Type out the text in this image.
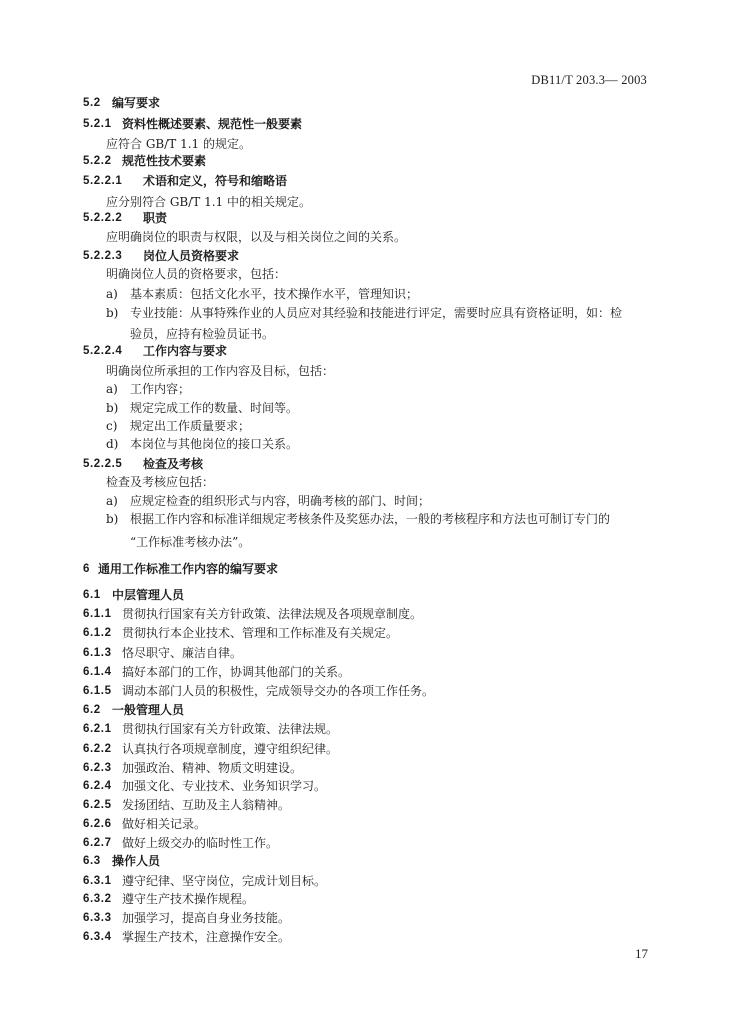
DB11/T 203.3— 2003
5.2 编写要求
5.2.1 资料性概述要素、规范性一般要素
应符合 GB/T 1.1 的规定。
5.2.2 规范性技术要素
5.2.2.1 术语和定义，符号和缩略语
应分别符合 GB/T 1.1 中的相关规定。
5.2.2.2 职责
应明确岗位的职责与权限，以及与相关岗位之间的关系。
5.2.2.3 岗位人员资格要求
明确岗位人员的资格要求，包括：
a) 基本素质：包括文化水平，技术操作水平，管理知识；
b) 专业技能：从事特殊作业的人员应对其经验和技能进行评定，需要时应具有资格证明，如：检
验员，应持有检验员证书。
5.2.2.4 工作内容与要求
明确岗位所承担的工作内容及目标，包括：
a) 工作内容；
b) 规定完成工作的数量、时间等。
c) 规定出工作质量要求；
d) 本岗位与其他岗位的接口关系。
5.2.2.5 检查及考核
检查及考核应包括：
a) 应规定检查的组织形式与内容，明确考核的部门、时间；
b) 根据工作内容和标准详细规定考核条件及奖惩办法，一般的考核程序和方法也可制订专门的
“工作标准考核办法”。
6 通用工作标准工作内容的编写要求
6.1 中层管理人员
6.1.1 贯彻执行国家有关方针政策、法律法规及各项规章制度。
6.1.2 贯彻执行本企业技术、管理和工作标准及有关规定。
6.1.3 恪尽职守、廉洁自律。
6.1.4 搞好本部门的工作，协调其他部门的关系。
6.1.5 调动本部门人员的积极性，完成领导交办的各项工作任务。
6.2 一般管理人员
6.2.1 贯彻执行国家有关方针政策、法律法规。
6.2.2 认真执行各项规章制度，遵守组织纪律。
6.2.3 加强政治、精神、物质文明建设。
6.2.4 加强文化、专业技术、业务知识学习。
6.2.5 发扬团结、互助及主人翁精神。
6.2.6 做好相关记录。
6.2.7 做好上级交办的临时性工作。
6.3 操作人员
6.3.1 遵守纪律、坚守岗位，完成计划目标。
6.3.2 遵守生产技术操作规程。
6.3.3 加强学习，提高自身业务技能。
6.3.4 掌握生产技术，注意操作安全。
17
